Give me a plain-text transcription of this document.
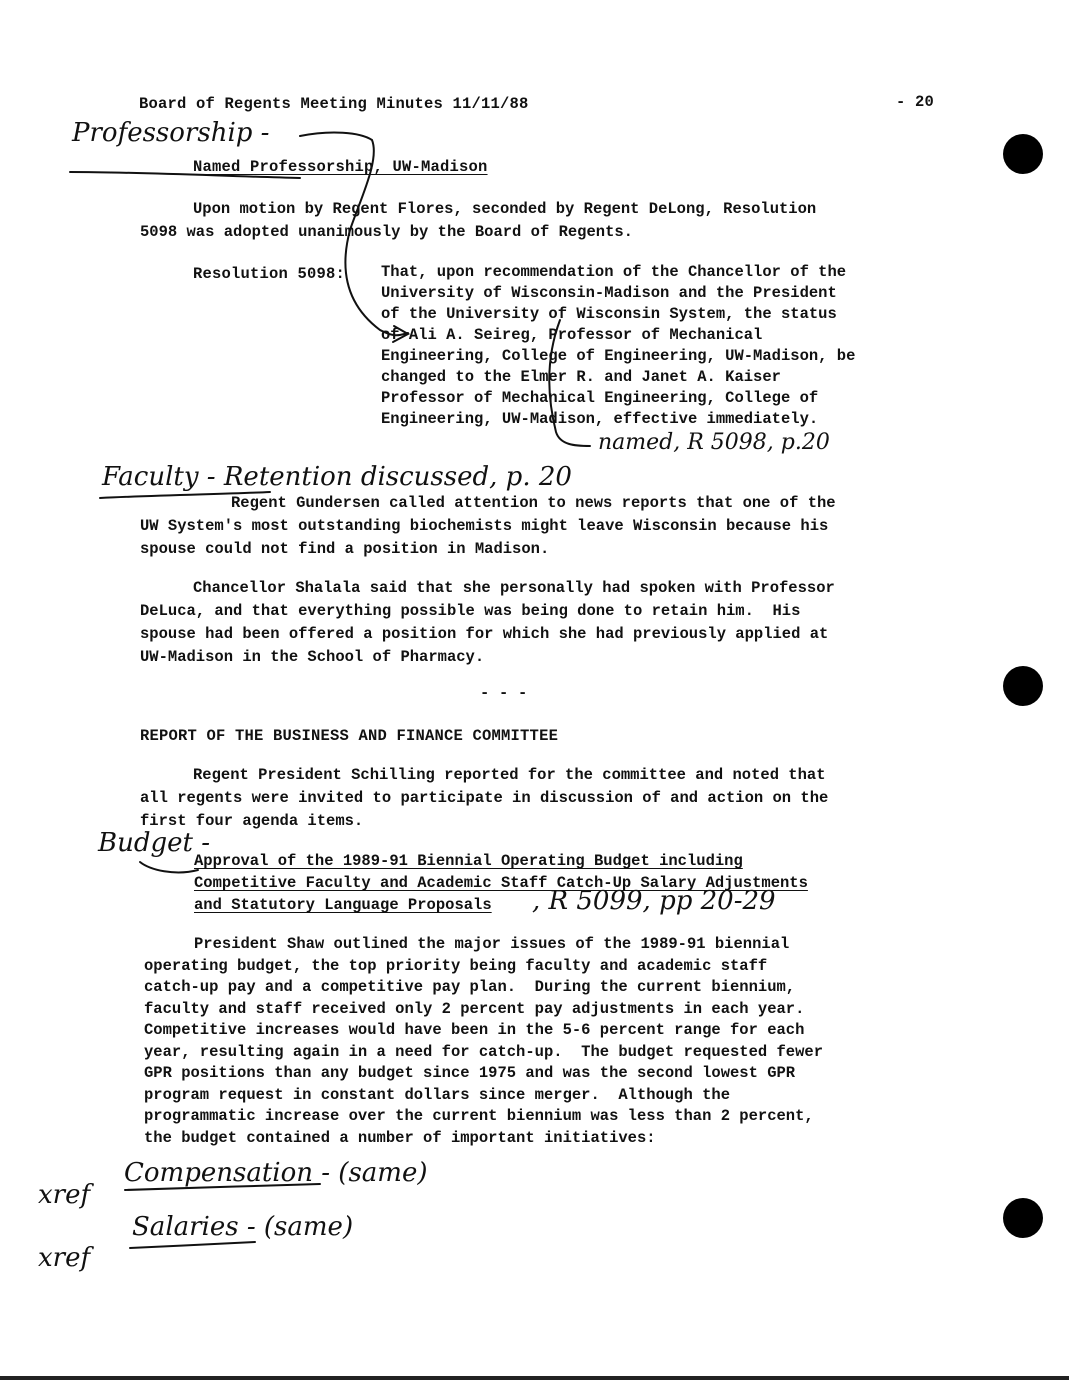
Board of Regents Meeting Minutes 11/11/88	- 20
Professorship -
Named Professorship, UW-Madison
Upon motion by Regent Flores, seconded by Regent DeLong, Resolution
5098 was adopted unanimously by the Board of Regents.
Resolution 5098: That, upon recommendation of the Chancellor of the
University of Wisconsin-Madison and the President
of the University of Wisconsin System, the status
of Ali A. Seireg, Professor of Mechanical
Engineering, College of Engineering, UW-Madison, be
changed to the Elmer R. and Janet A. Kaiser
Professor of Mechanical Engineering, College of
Engineering, UW-Madison, effective immediately.
named, R 5098, p.20
Faculty - Retention discussed, p. 20
Regent Gundersen called attention to news reports that one of the
UW System's most outstanding biochemists might leave Wisconsin because his
spouse could not find a position in Madison.
Chancellor Shalala said that she personally had spoken with Professor
DeLuca, and that everything possible was being done to retain him.  His
spouse had been offered a position for which she had previously applied at
UW-Madison in the School of Pharmacy.
- - -
REPORT OF THE BUSINESS AND FINANCE COMMITTEE
Regent President Schilling reported for the committee and noted that
all regents were invited to participate in discussion of and action on the
first four agenda items.
Budget -
Approval of the 1989-91 Biennial Operating Budget including
Competitive Faculty and Academic Staff Catch-Up Salary Adjustments
and Statutory Language Proposals	, R 5099, pp 20-29
President Shaw outlined the major issues of the 1989-91 biennial
operating budget, the top priority being faculty and academic staff
catch-up pay and a competitive pay plan.  During the current biennium,
faculty and staff received only 2 percent pay adjustments in each year.
Competitive increases would have been in the 5-6 percent range for each
year, resulting again in a need for catch-up.  The budget requested fewer
GPR positions than any budget since 1975 and was the second lowest GPR
program request in constant dollars since merger.  Although the
programmatic increase over the current biennium was less than 2 percent,
the budget contained a number of important initiatives:
xref
Compensation - (same)
xref
Salaries - (same)
